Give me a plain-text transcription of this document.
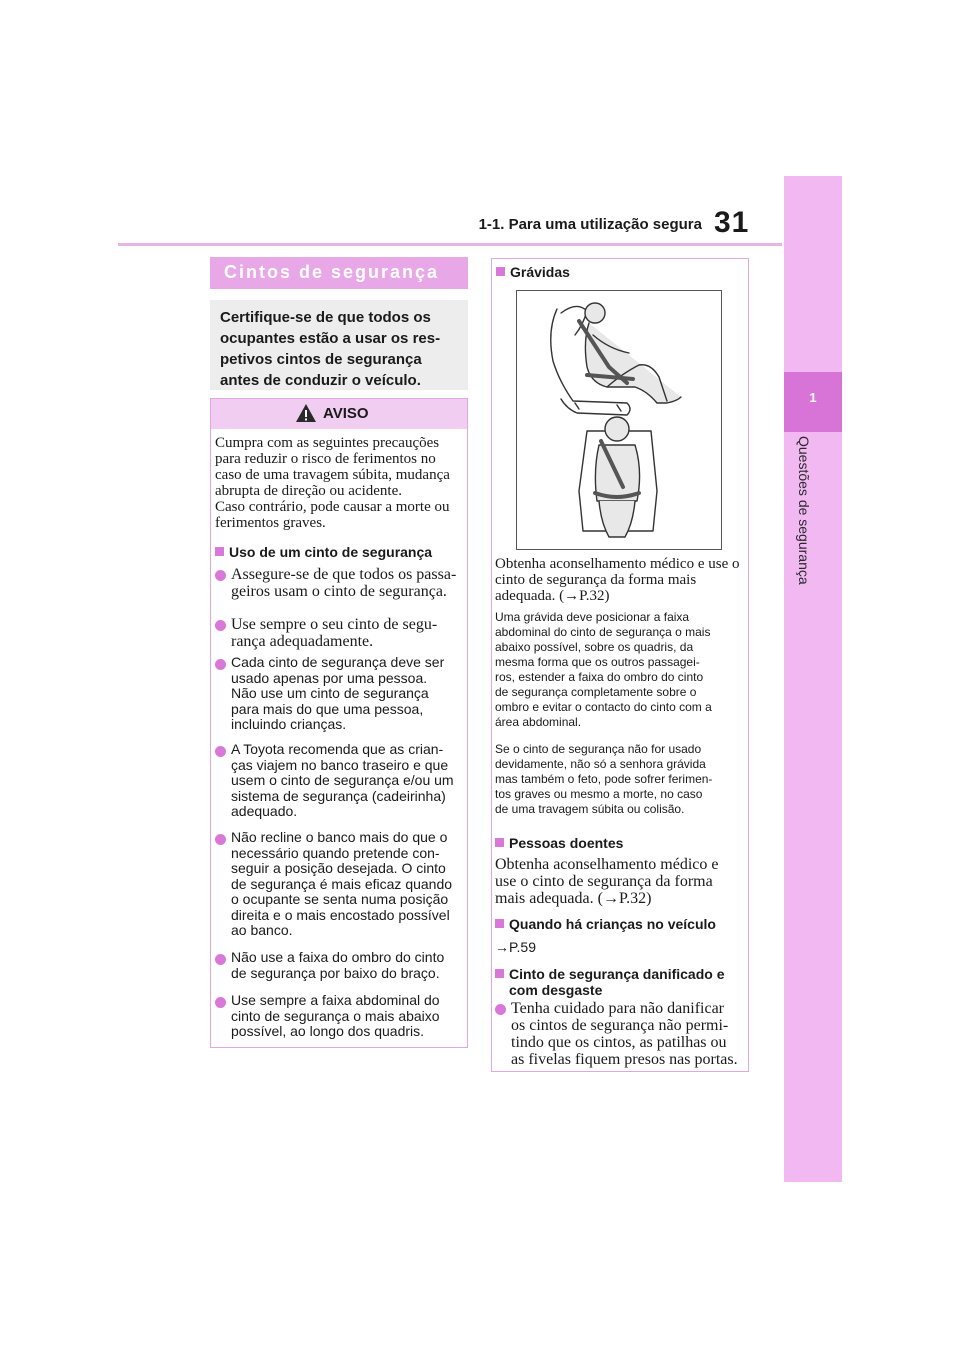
1-1. Para uma utilização segura 31
1
Questões de segurança
Cintos de segurança

Certifique-se de que todos os
ocupantes estão a usar os res-
petivos cintos de segurança
antes de conduzir o veículo.

AVISO

Cumpra com as seguintes precauções
para reduzir o risco de ferimentos no
caso de uma travagem súbita, mudança
abrupta de direção ou acidente.
Caso contrário, pode causar a morte ou
ferimentos graves.

Uso de um cinto de segurança
Assegure-se de que todos os passa-
geiros usam o cinto de segurança.
Use sempre o seu cinto de segu-
rança adequadamente.
Cada cinto de segurança deve ser
usado apenas por uma pessoa.
Não use um cinto de segurança
para mais do que uma pessoa,
incluindo crianças.
A Toyota recomenda que as crian-
ças viajem no banco traseiro e que
usem o cinto de segurança e/ou um
sistema de segurança (cadeirinha)
adequado.
Não recline o banco mais do que o
necessário quando pretende con-
seguir a posição desejada. O cinto
de segurança é mais eficaz quando
o ocupante se senta numa posição
direita e o mais encostado possível
ao banco.
Não use a faixa do ombro do cinto
de segurança por baixo do braço.
Use sempre a faixa abdominal do
cinto de segurança o mais abaixo
possível, ao longo dos quadris.
Grávidas

Obtenha aconselhamento médico e use o
cinto de segurança da forma mais
adequada. (→P.32)

Uma grávida deve posicionar a faixa
abdominal do cinto de segurança o mais
abaixo possível, sobre os quadris, da
mesma forma que os outros passagei-
ros, estender a faixa do ombro do cinto
de segurança completamente sobre o
ombro e evitar o contacto do cinto com a
área abdominal.

Se o cinto de segurança não for usado
devidamente, não só a senhora grávida
mas também o feto, pode sofrer ferimen-
tos graves ou mesmo a morte, no caso
de uma travagem súbita ou colisão.

Pessoas doentes

Obtenha aconselhamento médico e
use o cinto de segurança da forma
mais adequada. (→P.32)

Quando há crianças no veículo

→P.59

Cinto de segurança danificado e
com desgaste
Tenha cuidado para não danificar
os cintos de segurança não permi-
tindo que os cintos, as patilhas ou
as fivelas fiquem presos nas portas.
